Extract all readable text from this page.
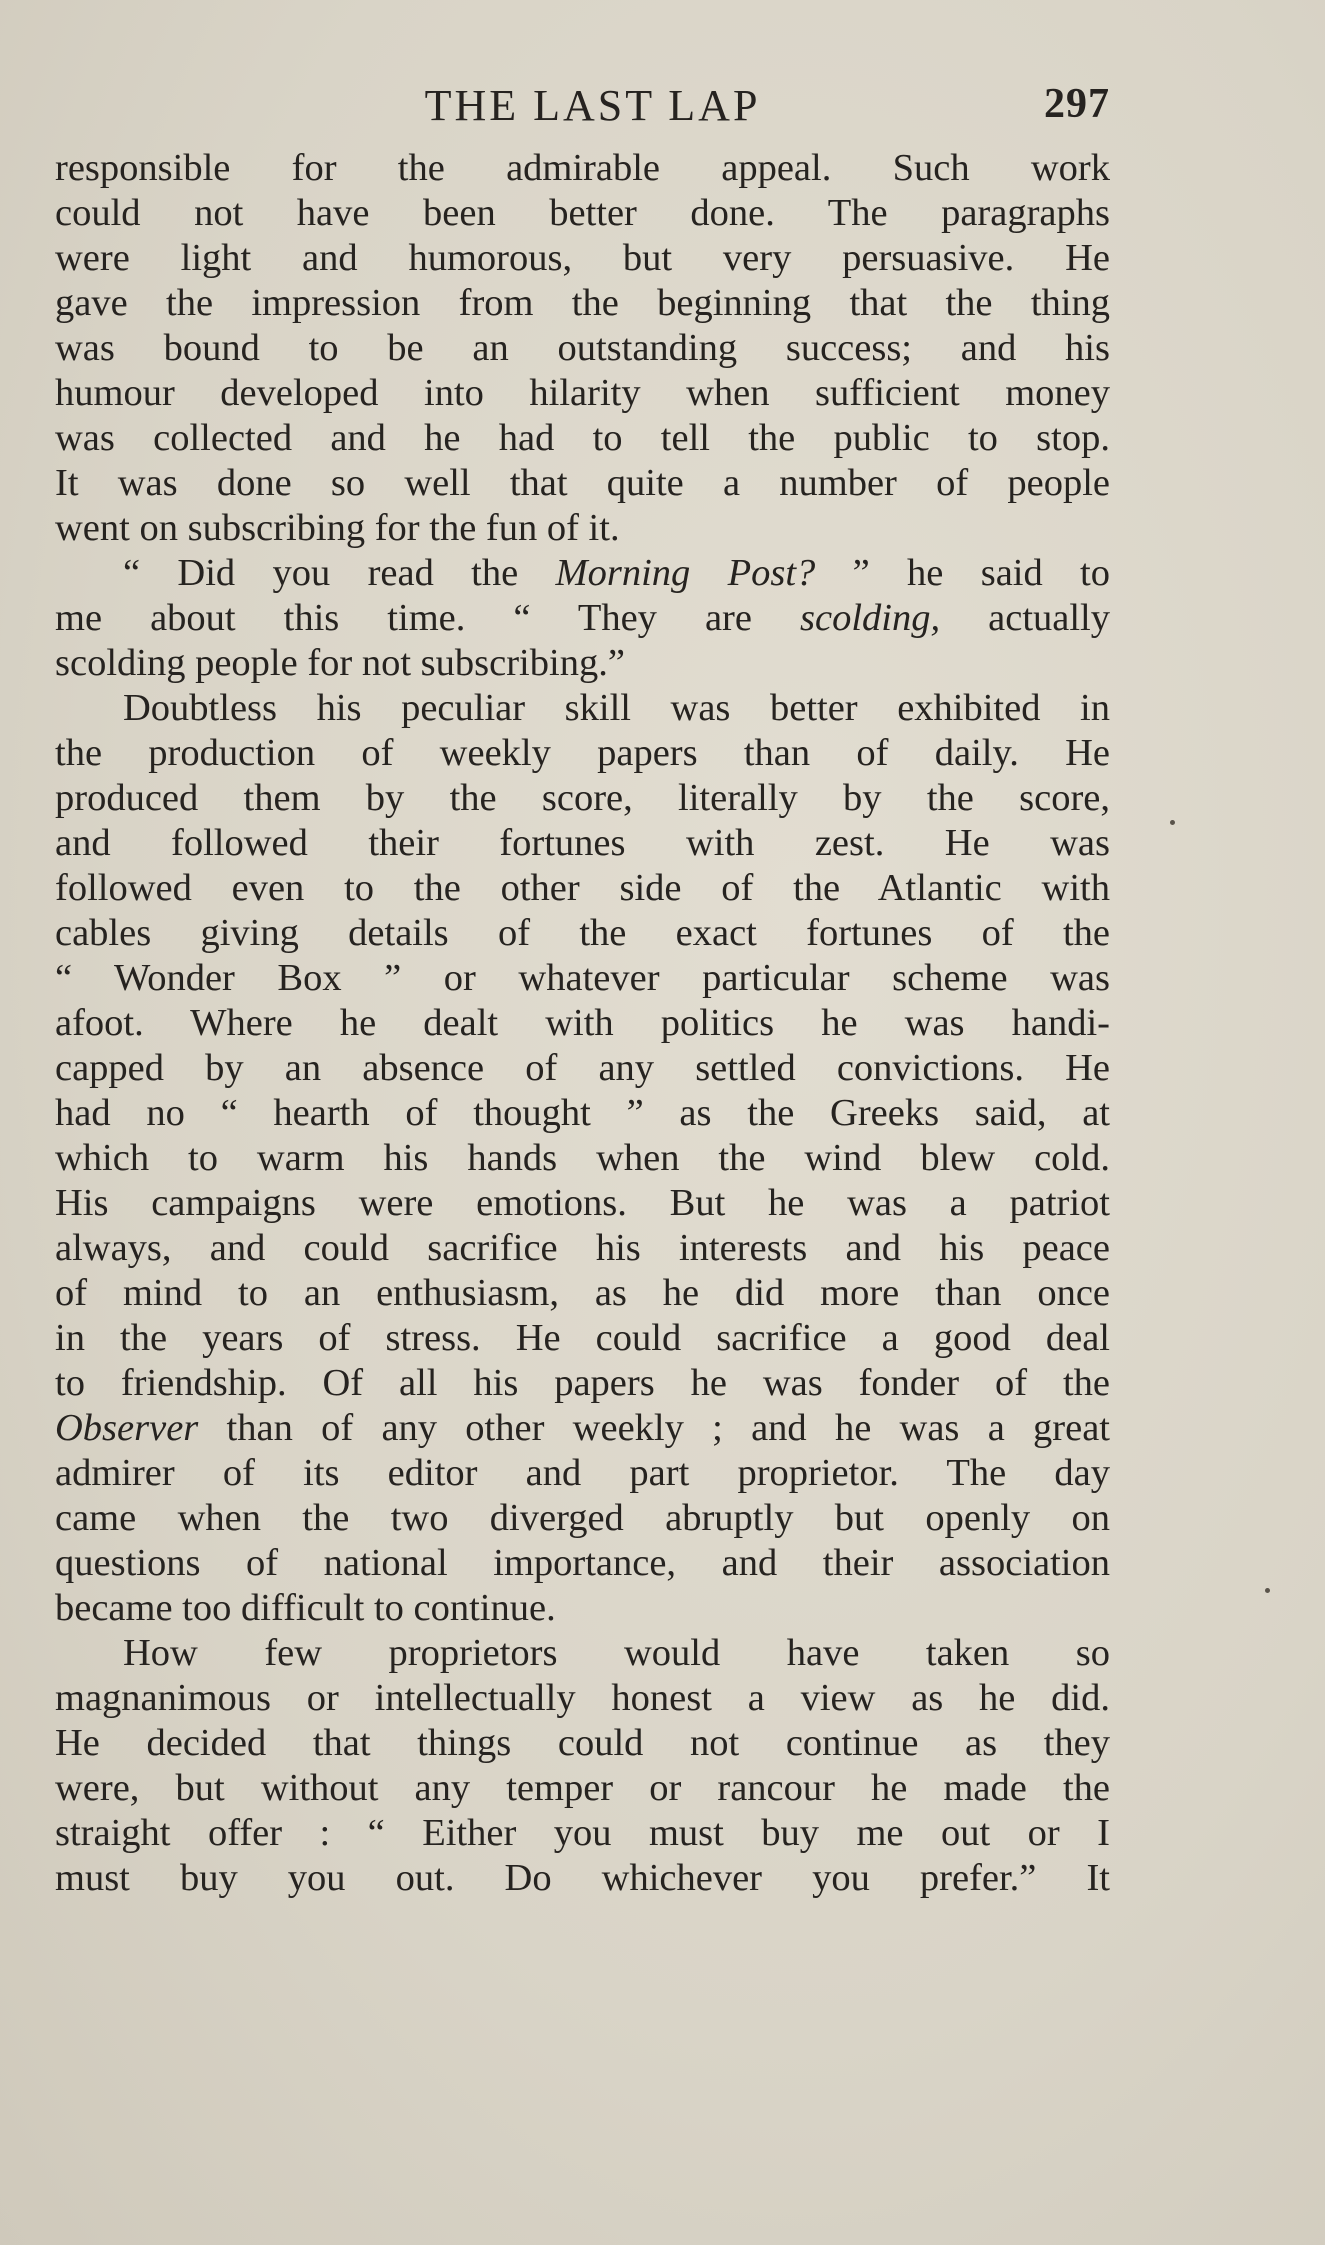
THE LAST LAP	297

responsible for the admirable appeal. Such work

could not have been better done. The paragraphs

were light and humorous, but very persuasive. He

gave the impression from the beginning that the thing

was bound to be an outstanding success; and his

humour developed into hilarity when sufficient money

was collected and he had to tell the public to stop.

It was done so well that quite a number of people

went on subscribing for the fun of it.

“ Did you read the Morning Post? ” he said to

me about this time. “ They are scolding, actually

scolding people for not subscribing.”

Doubtless his peculiar skill was better exhibited in

the production of weekly papers than of daily. He

produced them by the score, literally by the score,

and followed their fortunes with zest. He was

followed even to the other side of the Atlantic with

cables giving details of the exact fortunes of the

“ Wonder Box ” or whatever particular scheme was

afoot. Where he dealt with politics he was handi-

capped by an absence of any settled convictions. He

had no “ hearth of thought ” as the Greeks said, at

which to warm his hands when the wind blew cold.

His campaigns were emotions. But he was a patriot

always, and could sacrifice his interests and his peace

of mind to an enthusiasm, as he did more than once

in the years of stress. He could sacrifice a good deal

to friendship. Of all his papers he was fonder of the

Observer than of any other weekly ; and he was a great

admirer of its editor and part proprietor. The day

came when the two diverged abruptly but openly on

questions of national importance, and their association

became too difficult to continue.

How few proprietors would have taken so

magnanimous or intellectually honest a view as he did.

He decided that things could not continue as they

were, but without any temper or rancour he made the

straight offer : “ Either you must buy me out or I

must buy you out. Do whichever you prefer.” It
